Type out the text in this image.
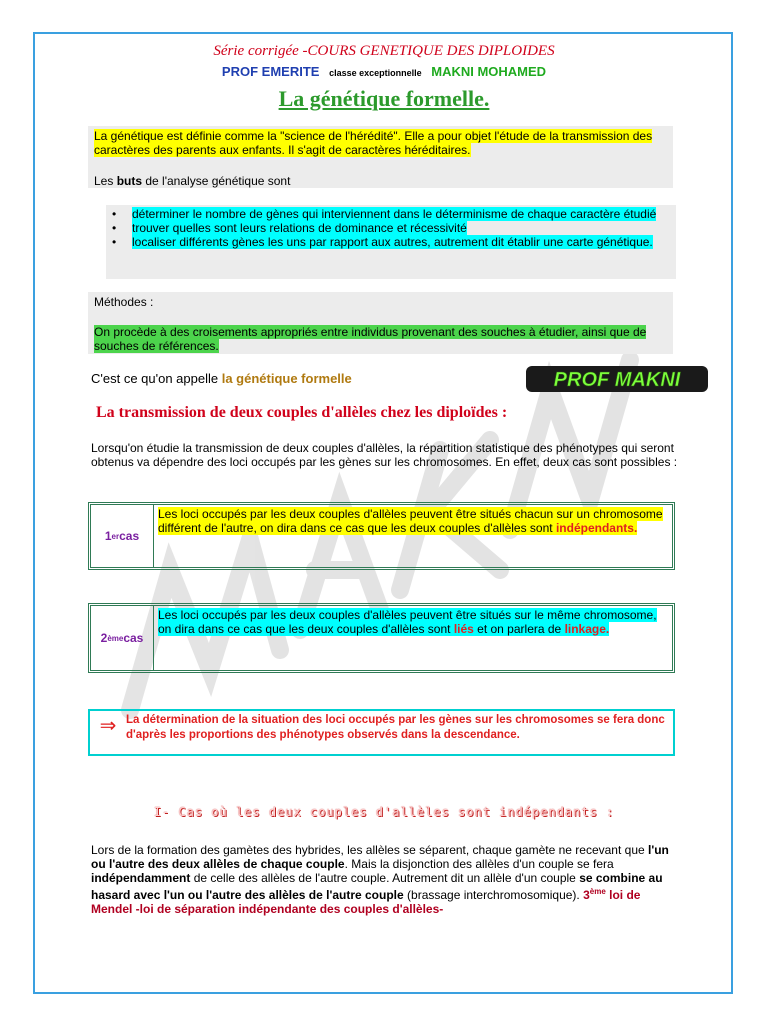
Série corrigée -COURS GENETIQUE DES DIPLOIDES
PROF EMERITE classe exceptionnelle MAKNI MOHAMED
La génétique formelle.
La génétique est définie comme la "science de l'hérédité". Elle a pour objet l'étude de la transmission des caractères des parents aux enfants. Il s'agit de caractères héréditaires.
Les buts de l'analyse génétique sont
• déterminer le nombre de gènes qui interviennent dans le déterminisme de chaque caractère étudié
• trouver quelles sont leurs relations de dominance et récessivité
• localiser différents gènes les uns par rapport aux autres, autrement dit établir une carte génétique.
Méthodes :
On procède à des croisements appropriés entre individus provenant des souches à étudier, ainsi que de souches de références.
C'est ce qu'on appelle la génétique formelle	PROF MAKNI
La transmission de deux couples d'allèles chez les diploïdes :
Lorsqu'on étudie la transmission de deux couples d'allèles, la répartition statistique des phénotypes qui seront obtenus va dépendre des loci occupés par les gènes sur les chromosomes. En effet, deux cas sont possibles :
1 er cas
Les loci occupés par les deux couples d'allèles peuvent être situés chacun sur un chromosome différent de l'autre, on dira dans ce cas que les deux couples d'allèles sont indépendants.
2 ème cas
Les loci occupés par les deux couples d'allèles peuvent être situés sur le même chromosome, on dira dans ce cas que les deux couples d'allèles sont liés et on parlera de linkage.
⇒ La détermination de la situation des loci occupés par les gènes sur les chromosomes se fera donc d'après les proportions des phénotypes observés dans la descendance.
I- Cas où les deux couples d'allèles sont indépendants :
Lors de la formation des gamètes des hybrides, les allèles se séparent, chaque gamète ne recevant que l'un ou l'autre des deux allèles de chaque couple. Mais la disjonction des allèles d'un couple se fera indépendamment de celle des allèles de l'autre couple. Autrement dit un allèle d'un couple se combine au hasard avec l'un ou l'autre des allèles de l'autre couple (brassage interchromosomique). 3ème loi de Mendel -loi de séparation indépendante des couples d'allèles-
